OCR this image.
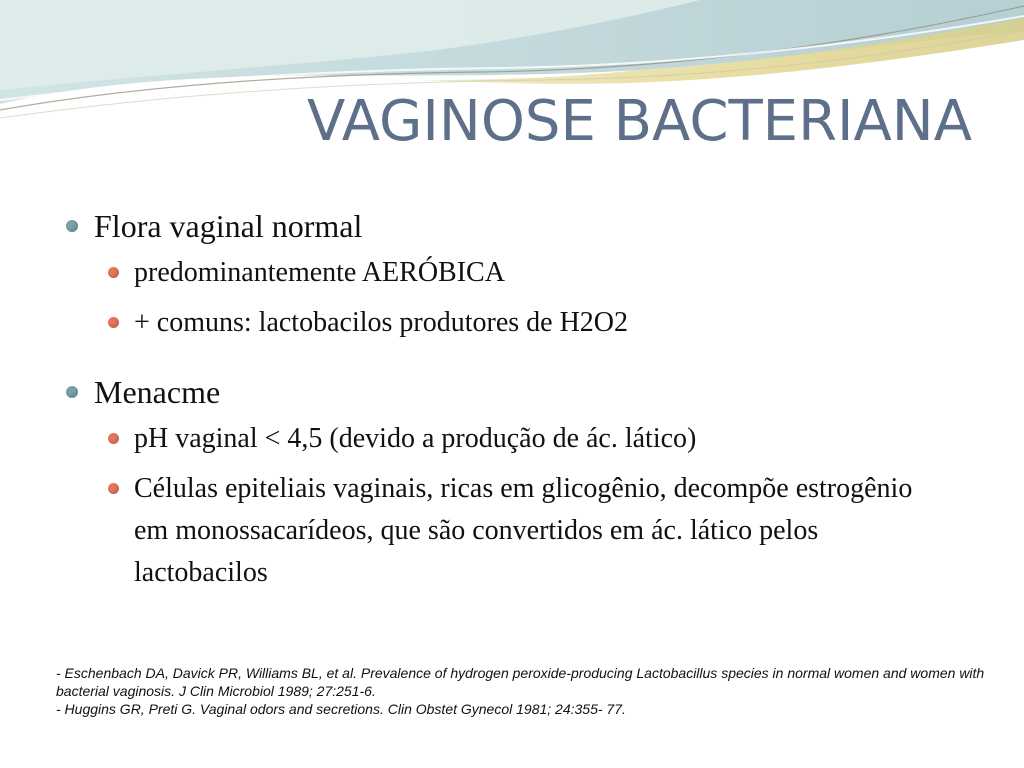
VAGINOSE BACTERIANA
Flora vaginal normal
predominantemente AERÓBICA
+ comuns: lactobacilos produtores de H2O2
Menacme
pH vaginal < 4,5 (devido a produção de ác. lático)
Células epiteliais vaginais, ricas em glicogênio, decompõe estrogênio em monossacarídeos, que são convertidos em ác. lático pelos lactobacilos
- Eschenbach DA, Davick PR, Williams BL, et al. Prevalence of hydrogen peroxide-producing Lactobacillus species in normal women and women with bacterial vaginosis. J Clin Microbiol 1989; 27:251-6.
- Huggins GR, Preti G. Vaginal odors and secretions. Clin Obstet Gynecol 1981; 24:355- 77.
